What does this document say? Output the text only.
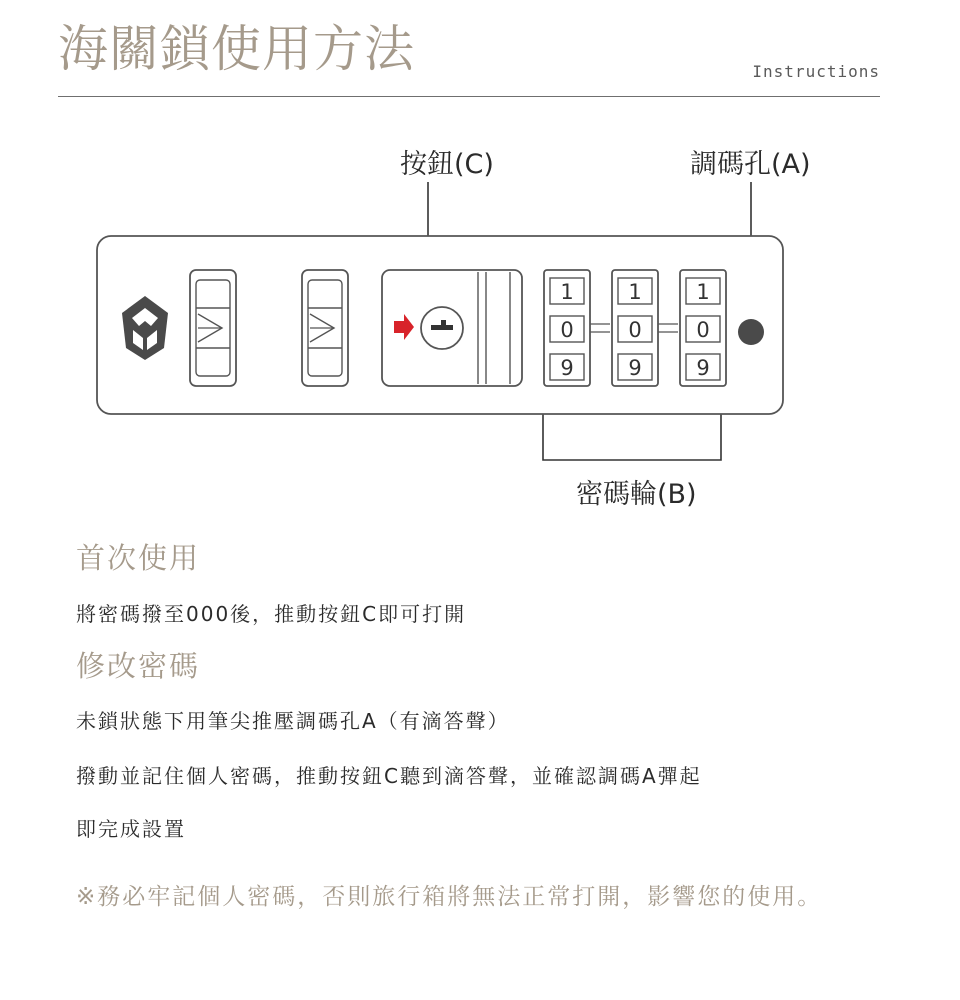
海關鎖使用方法	Instructions
按鈕(C)	調碼孔(A)
密碼輪(B)
1
0
9
1
0
9
1
0
9
首次使用
將密碼撥至000後，推動按鈕C即可打開
修改密碼
未鎖狀態下用筆尖推壓調碼孔A（有滴答聲）
撥動並記住個人密碼，推動按鈕C聽到滴答聲，並確認調碼A彈起
即完成設置
※務必牢記個人密碼，否則旅行箱將無法正常打開，影響您的使用。
